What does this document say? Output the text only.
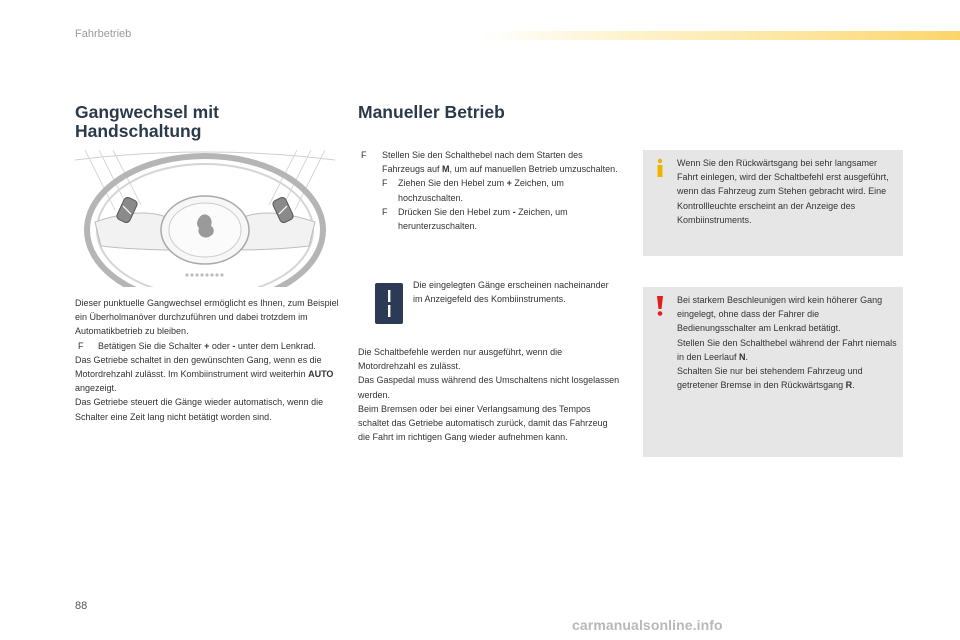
Fahrbetrieb
Gangwechsel mit
Handschaltung

Dieser punktuelle Gangwechsel ermöglicht es Ihnen, zum Beispiel ein Überholmanöver durchzuführen und dabei trotzdem im Automatikbetrieb zu bleiben.

F Betätigen Sie die Schalter + oder - unter dem Lenkrad.

Das Getriebe schaltet in den gewünschten Gang, wenn es die Motordrehzahl zulässt. Im Kombiinstrument wird weiterhin AUTO angezeigt.

Das Getriebe steuert die Gänge wieder automatisch, wenn die Schalter eine Zeit lang nicht betätigt worden sind.

Manueller Betrieb

F Stellen Sie den Schalthebel nach dem Starten des Fahrzeugs auf M, um auf manuellen Betrieb umzuschalten.

F Ziehen Sie den Hebel zum + Zeichen, um hochzuschalten.

F Drücken Sie den Hebel zum - Zeichen, um herunterzuschalten.

Die eingelegten Gänge erscheinen nacheinander im Anzeigefeld des Kombiinstruments.

Die Schaltbefehle werden nur ausgeführt, wenn die Motordrehzahl es zulässt.

Das Gaspedal muss während des Umschaltens nicht losgelassen werden.

Beim Bremsen oder bei einer Verlangsamung des Tempos schaltet das Getriebe automatisch zurück, damit das Fahrzeug die Fahrt im richtigen Gang wieder aufnehmen kann.

Wenn Sie den Rückwärtsgang bei sehr langsamer Fahrt einlegen, wird der Schaltbefehl erst ausgeführt, wenn das Fahrzeug zum Stehen gebracht wird. Eine Kontrollleuchte erscheint an der Anzeige des Kombiinstruments.

Bei starkem Beschleunigen wird kein höherer Gang eingelegt, ohne dass der Fahrer die Bedienungsschalter am Lenkrad betätigt.

Stellen Sie den Schalthebel während der Fahrt niemals in den Leerlauf N.

Schalten Sie nur bei stehendem Fahrzeug und getretener Bremse in den Rückwärtsgang R.

88
carmanualsonline.info
